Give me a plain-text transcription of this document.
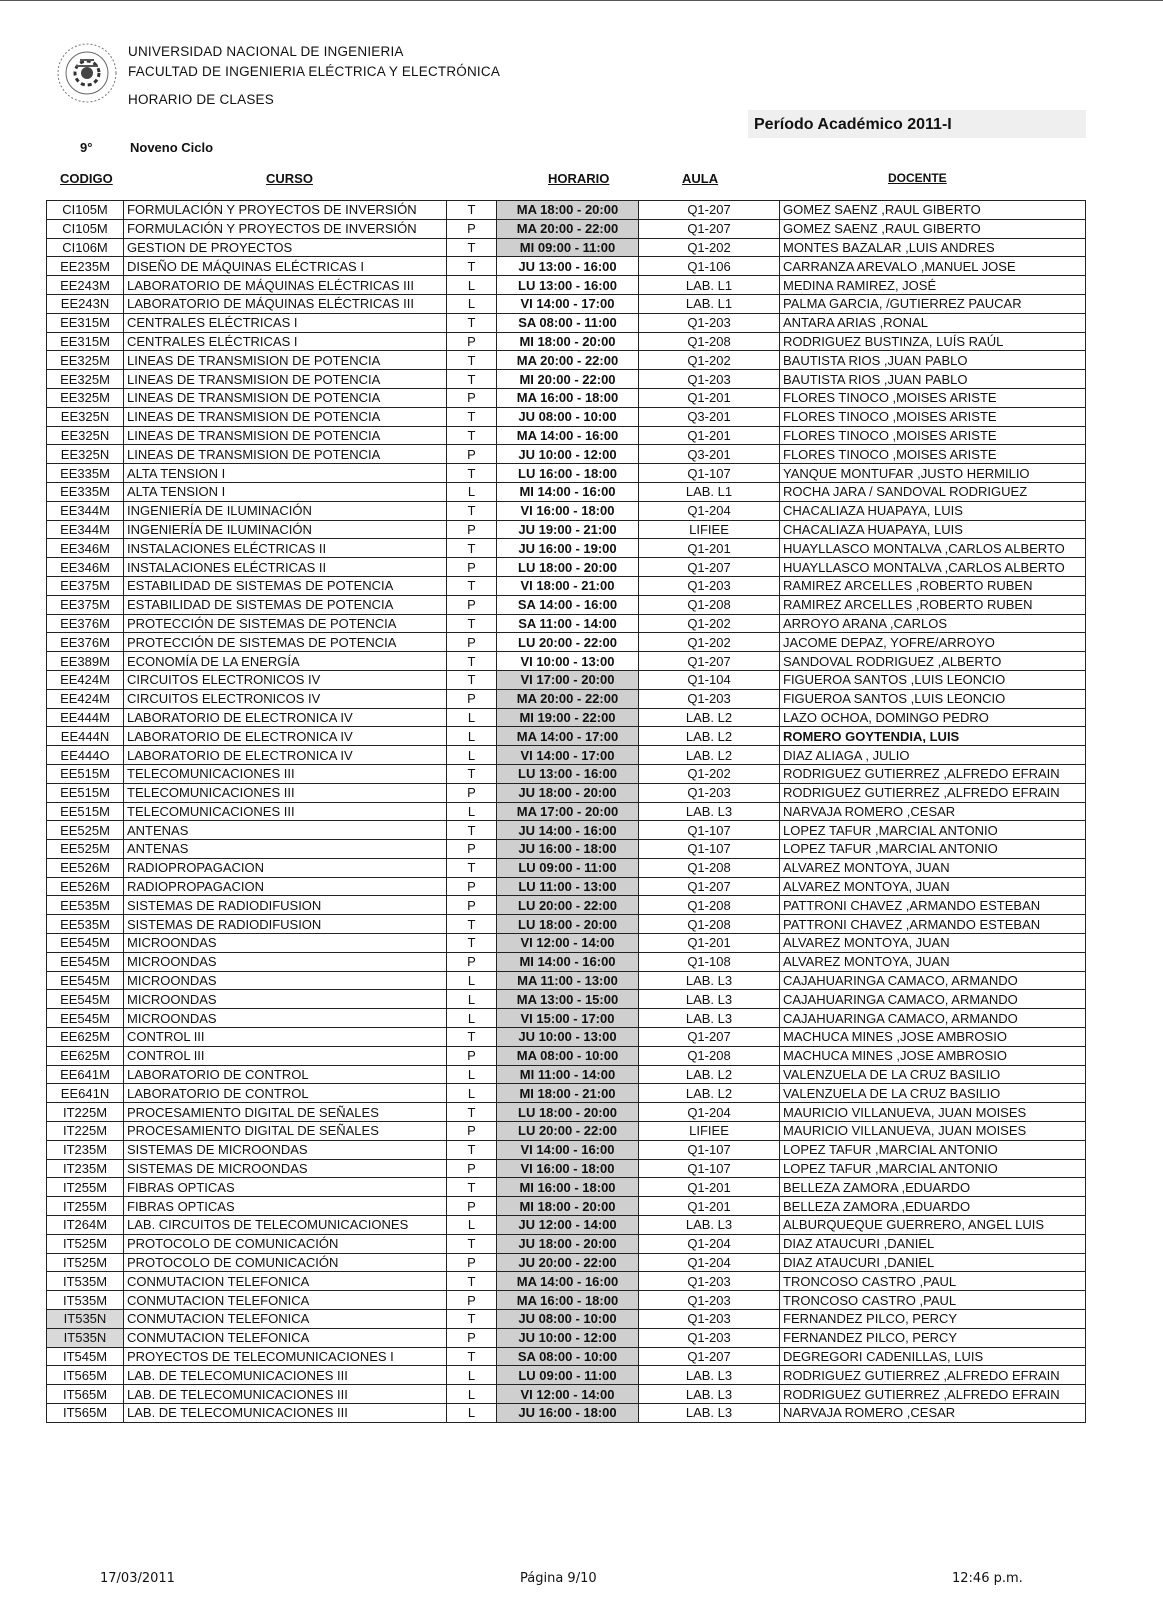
UNIVERSIDAD NACIONAL DE INGENIERIA
FACULTAD DE INGENIERIA ELÉCTRICA Y ELECTRÓNICA
HORARIO DE CLASES
Período Académico 2011-I
9°	Noveno Ciclo
CODIGO	CURSO	HORARIO	AULA	DOCENTE
CI105M	FORMULACIÓN Y PROYECTOS DE INVERSIÓN	T	MA 18:00 - 20:00	Q1-207	GOMEZ SAENZ ,RAUL GIBERTO
CI105M	FORMULACIÓN Y PROYECTOS DE INVERSIÓN	P	MA 20:00 - 22:00	Q1-207	GOMEZ SAENZ ,RAUL GIBERTO
CI106M	GESTION DE PROYECTOS	T	MI 09:00 - 11:00	Q1-202	MONTES BAZALAR ,LUIS ANDRES
EE235M	DISEÑO DE MÁQUINAS ELÉCTRICAS I	T	JU 13:00 - 16:00	Q1-106	CARRANZA AREVALO ,MANUEL JOSE
EE243M	LABORATORIO DE MÁQUINAS ELÉCTRICAS III	L	LU 13:00 - 16:00	LAB. L1	MEDINA RAMIREZ, JOSÉ
EE243N	LABORATORIO DE MÁQUINAS ELÉCTRICAS III	L	VI 14:00 - 17:00	LAB. L1	PALMA GARCIA, /GUTIERREZ PAUCAR
EE315M	CENTRALES ELÉCTRICAS I	T	SA 08:00 - 11:00	Q1-203	ANTARA ARIAS ,RONAL
EE315M	CENTRALES ELÉCTRICAS I	P	MI 18:00 - 20:00	Q1-208	RODRIGUEZ BUSTINZA, LUÍS RAÚL
EE325M	LINEAS DE TRANSMISION DE POTENCIA	T	MA 20:00 - 22:00	Q1-202	BAUTISTA RIOS ,JUAN PABLO
EE325M	LINEAS DE TRANSMISION DE POTENCIA	T	MI 20:00 - 22:00	Q1-203	BAUTISTA RIOS ,JUAN PABLO
EE325M	LINEAS DE TRANSMISION DE POTENCIA	P	MA 16:00 - 18:00	Q1-201	FLORES TINOCO ,MOISES ARISTE
EE325N	LINEAS DE TRANSMISION DE POTENCIA	T	JU 08:00 - 10:00	Q3-201	FLORES TINOCO ,MOISES ARISTE
EE325N	LINEAS DE TRANSMISION DE POTENCIA	T	MA 14:00 - 16:00	Q1-201	FLORES TINOCO ,MOISES ARISTE
EE325N	LINEAS DE TRANSMISION DE POTENCIA	P	JU 10:00 - 12:00	Q3-201	FLORES TINOCO ,MOISES ARISTE
EE335M	ALTA TENSION I	T	LU 16:00 - 18:00	Q1-107	YANQUE MONTUFAR ,JUSTO HERMILIO
EE335M	ALTA TENSION I	L	MI 14:00 - 16:00	LAB. L1	ROCHA JARA / SANDOVAL RODRIGUEZ
EE344M	INGENIERÍA DE ILUMINACIÓN	T	VI 16:00 - 18:00	Q1-204	CHACALIAZA HUAPAYA, LUIS
EE344M	INGENIERÍA DE ILUMINACIÓN	P	JU 19:00 - 21:00	LIFIEE	CHACALIAZA HUAPAYA, LUIS
EE346M	INSTALACIONES ELÉCTRICAS II	T	JU 16:00 - 19:00	Q1-201	HUAYLLASCO MONTALVA ,CARLOS ALBERTO
EE346M	INSTALACIONES ELÉCTRICAS II	P	LU 18:00 - 20:00	Q1-207	HUAYLLASCO MONTALVA ,CARLOS ALBERTO
EE375M	ESTABILIDAD DE SISTEMAS DE POTENCIA	T	VI 18:00 - 21:00	Q1-203	RAMIREZ ARCELLES ,ROBERTO RUBEN
EE375M	ESTABILIDAD DE SISTEMAS DE POTENCIA	P	SA 14:00 - 16:00	Q1-208	RAMIREZ ARCELLES ,ROBERTO RUBEN
EE376M	PROTECCIÓN DE SISTEMAS DE POTENCIA	T	SA 11:00 - 14:00	Q1-202	ARROYO ARANA ,CARLOS
EE376M	PROTECCIÓN DE SISTEMAS DE POTENCIA	P	LU 20:00 - 22:00	Q1-202	JACOME DEPAZ, YOFRE/ARROYO
EE389M	ECONOMÍA DE LA ENERGÍA	T	VI 10:00 - 13:00	Q1-207	SANDOVAL RODRIGUEZ ,ALBERTO
EE424M	CIRCUITOS ELECTRONICOS IV	T	VI 17:00 - 20:00	Q1-104	FIGUEROA SANTOS ,LUIS LEONCIO
EE424M	CIRCUITOS ELECTRONICOS IV	P	MA 20:00 - 22:00	Q1-203	FIGUEROA SANTOS ,LUIS LEONCIO
EE444M	LABORATORIO DE ELECTRONICA IV	L	MI 19:00 - 22:00	LAB. L2	LAZO OCHOA, DOMINGO PEDRO
EE444N	LABORATORIO DE ELECTRONICA IV	L	MA 14:00 - 17:00	LAB. L2	ROMERO GOYTENDIA, LUIS
EE444O	LABORATORIO DE ELECTRONICA IV	L	VI 14:00 - 17:00	LAB. L2	DIAZ ALIAGA , JULIO
EE515M	TELECOMUNICACIONES III	T	LU 13:00 - 16:00	Q1-202	RODRIGUEZ GUTIERREZ ,ALFREDO EFRAIN
EE515M	TELECOMUNICACIONES III	P	JU 18:00 - 20:00	Q1-203	RODRIGUEZ GUTIERREZ ,ALFREDO EFRAIN
EE515M	TELECOMUNICACIONES III	L	MA 17:00 - 20:00	LAB. L3	NARVAJA ROMERO ,CESAR
EE525M	ANTENAS	T	JU 14:00 - 16:00	Q1-107	LOPEZ TAFUR ,MARCIAL ANTONIO
EE525M	ANTENAS	P	JU 16:00 - 18:00	Q1-107	LOPEZ TAFUR ,MARCIAL ANTONIO
EE526M	RADIOPROPAGACION	T	LU 09:00 - 11:00	Q1-208	ALVAREZ MONTOYA, JUAN
EE526M	RADIOPROPAGACION	P	LU 11:00 - 13:00	Q1-207	ALVAREZ MONTOYA, JUAN
EE535M	SISTEMAS DE RADIODIFUSION	P	LU 20:00 - 22:00	Q1-208	PATTRONI CHAVEZ ,ARMANDO ESTEBAN
EE535M	SISTEMAS DE RADIODIFUSION	T	LU 18:00 - 20:00	Q1-208	PATTRONI CHAVEZ ,ARMANDO ESTEBAN
EE545M	MICROONDAS	T	VI 12:00 - 14:00	Q1-201	ALVAREZ MONTOYA, JUAN
EE545M	MICROONDAS	P	MI 14:00 - 16:00	Q1-108	ALVAREZ MONTOYA, JUAN
EE545M	MICROONDAS	L	MA 11:00 - 13:00	LAB. L3	CAJAHUARINGA CAMACO, ARMANDO
EE545M	MICROONDAS	L	MA 13:00 - 15:00	LAB. L3	CAJAHUARINGA CAMACO, ARMANDO
EE545M	MICROONDAS	L	VI 15:00 - 17:00	LAB. L3	CAJAHUARINGA CAMACO, ARMANDO
EE625M	CONTROL III	T	JU 10:00 - 13:00	Q1-207	MACHUCA MINES ,JOSE AMBROSIO
EE625M	CONTROL III	P	MA 08:00 - 10:00	Q1-208	MACHUCA MINES ,JOSE AMBROSIO
EE641M	LABORATORIO DE CONTROL	L	MI 11:00 - 14:00	LAB. L2	VALENZUELA DE LA CRUZ BASILIO
EE641N	LABORATORIO DE CONTROL	L	MI 18:00 - 21:00	LAB. L2	VALENZUELA DE LA CRUZ BASILIO
IT225M	PROCESAMIENTO DIGITAL DE SEÑALES	T	LU 18:00 - 20:00	Q1-204	MAURICIO VILLANUEVA, JUAN MOISES
IT225M	PROCESAMIENTO DIGITAL DE SEÑALES	P	LU 20:00 - 22:00	LIFIEE	MAURICIO VILLANUEVA, JUAN MOISES
IT235M	SISTEMAS DE MICROONDAS	T	VI 14:00 - 16:00	Q1-107	LOPEZ TAFUR ,MARCIAL ANTONIO
IT235M	SISTEMAS DE MICROONDAS	P	VI 16:00 - 18:00	Q1-107	LOPEZ TAFUR ,MARCIAL ANTONIO
IT255M	FIBRAS OPTICAS	T	MI 16:00 - 18:00	Q1-201	BELLEZA ZAMORA ,EDUARDO
IT255M	FIBRAS OPTICAS	P	MI 18:00 - 20:00	Q1-201	BELLEZA ZAMORA ,EDUARDO
IT264M	LAB. CIRCUITOS DE TELECOMUNICACIONES	L	JU 12:00 - 14:00	LAB. L3	ALBURQUEQUE GUERRERO, ANGEL LUIS
IT525M	PROTOCOLO DE COMUNICACIÓN	T	JU 18:00 - 20:00	Q1-204	DIAZ ATAUCURI ,DANIEL
IT525M	PROTOCOLO DE COMUNICACIÓN	P	JU 20:00 - 22:00	Q1-204	DIAZ ATAUCURI ,DANIEL
IT535M	CONMUTACION TELEFONICA	T	MA 14:00 - 16:00	Q1-203	TRONCOSO CASTRO ,PAUL
IT535M	CONMUTACION TELEFONICA	P	MA 16:00 - 18:00	Q1-203	TRONCOSO CASTRO ,PAUL
IT535N	CONMUTACION TELEFONICA	T	JU 08:00 - 10:00	Q1-203	FERNANDEZ PILCO, PERCY
IT535N	CONMUTACION TELEFONICA	P	JU 10:00 - 12:00	Q1-203	FERNANDEZ PILCO, PERCY
IT545M	PROYECTOS DE TELECOMUNICACIONES I	T	SA 08:00 - 10:00	Q1-207	DEGREGORI CADENILLAS, LUIS
IT565M	LAB. DE TELECOMUNICACIONES III	L	LU 09:00 - 11:00	LAB. L3	RODRIGUEZ GUTIERREZ ,ALFREDO EFRAIN
IT565M	LAB. DE TELECOMUNICACIONES III	L	VI 12:00 - 14:00	LAB. L3	RODRIGUEZ GUTIERREZ ,ALFREDO EFRAIN
IT565M	LAB. DE TELECOMUNICACIONES III	L	JU 16:00 - 18:00	LAB. L3	NARVAJA ROMERO ,CESAR
17/03/2011	Página 9/10	12:46 p.m.
